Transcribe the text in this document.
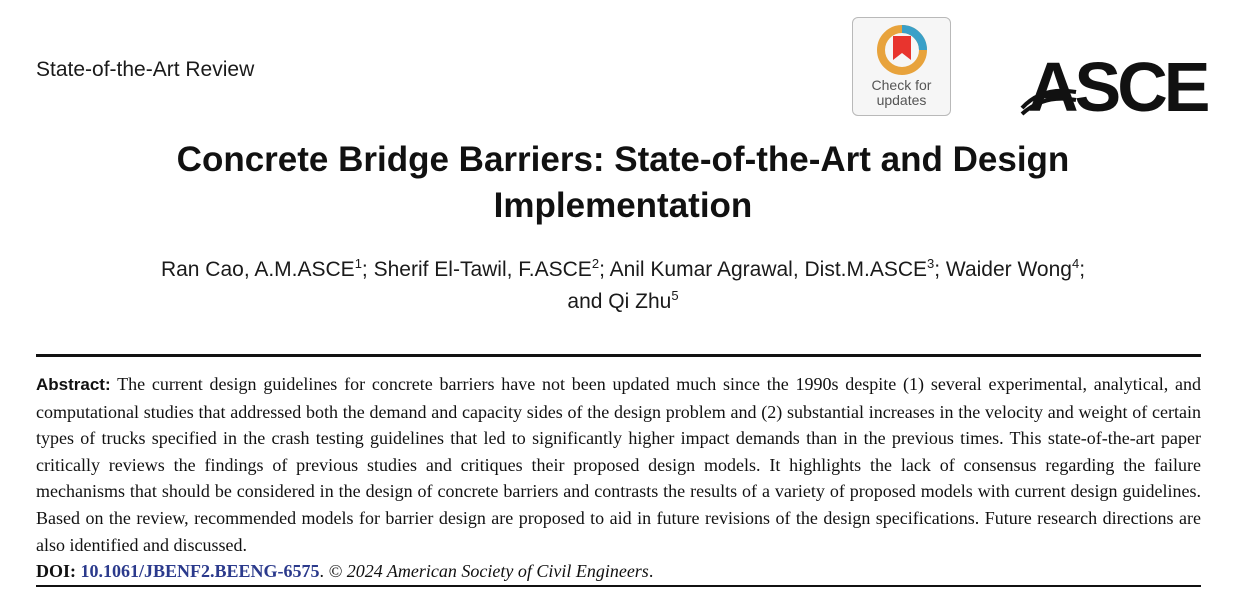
State-of-the-Art Review
Check for
updates	ASCE
Concrete Bridge Barriers: State-of-the-Art and Design
Implementation
Ran Cao, A.M.ASCE$^1$; Sherif El-Tawil, F.ASCE$^2$; Anil Kumar Agrawal, Dist.M.ASCE$^3$; Waider Wong$^4$;
and Qi Zhu$^5$

Abstract: The current design guidelines for concrete barriers have not been updated much since the 1990s despite (1) several experimental, analytical, and computational studies that addressed both the demand and capacity sides of the design problem and (2) substantial increases in the velocity and weight of certain types of trucks specified in the crash testing guidelines that led to significantly higher impact demands than in the previous times. This state-of-the-art paper critically reviews the findings of previous studies and critiques their proposed design models. It highlights the lack of consensus regarding the failure mechanisms that should be considered in the design of concrete barriers and contrasts the results of a variety of proposed models with current design guidelines. Based on the review, recommended models for barrier design are proposed to aid in future revisions of the design specifications. Future research directions are also identified and discussed.

DOI: 10.1061/JBENF2.BEENG-6575. © 2024 American Society of Civil Engineers.
